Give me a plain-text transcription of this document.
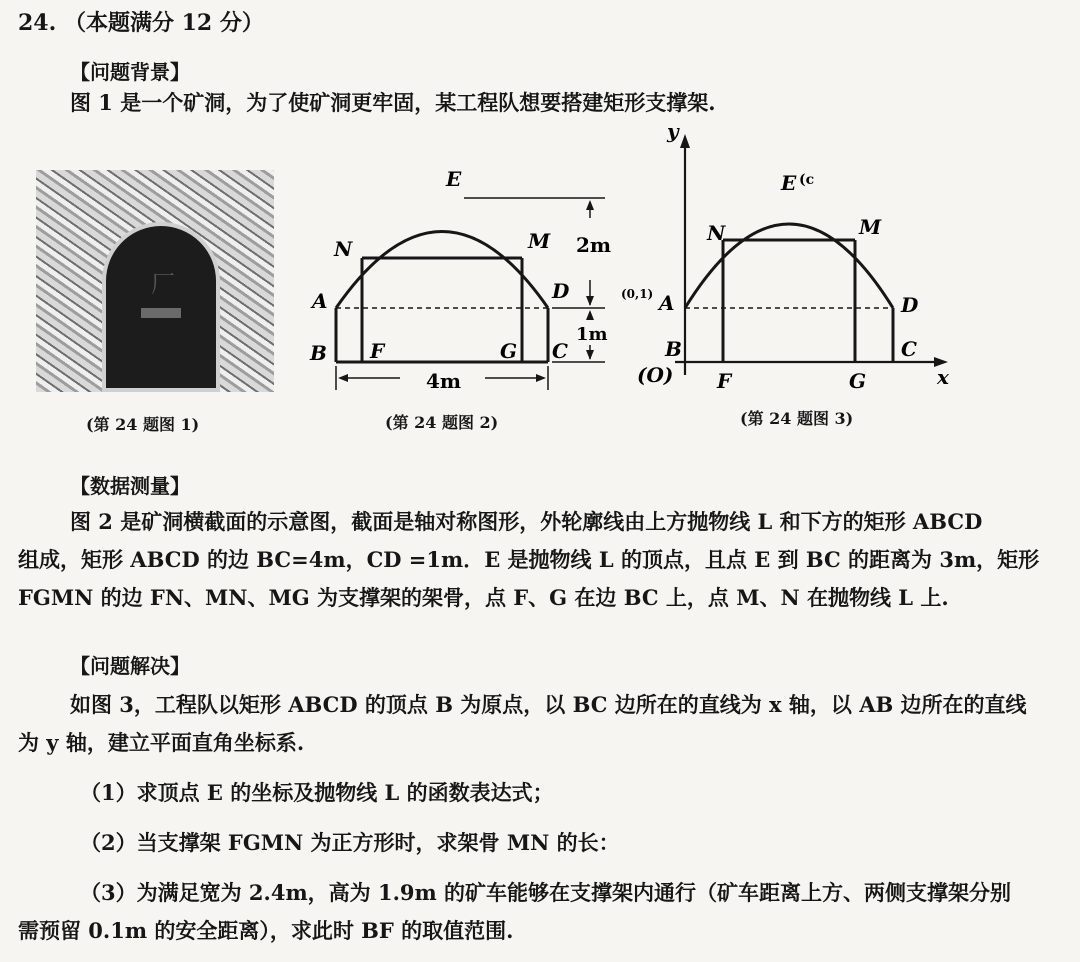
24. （本题满分 12 分）
【问题背景】
图 1 是一个矿洞，为了使矿洞更牢固，某工程队想要搭建矩形支撑架.
厂
(第 24 题图 1)
E
N	M
A	D
B F	G C
2m
1m
4m
(第 24 题图 2)
y
x
E (c
N	M
(0,1) A	D
B
(O) F	G
C
(第 24 题图 3)
【数据测量】
图 2 是矿洞横截面的示意图，截面是轴对称图形，外轮廓线由上方抛物线 L 和下方的矩形 ABCD
组成，矩形 ABCD 的边 BC=4m，CD =1m．E 是抛物线 L 的顶点，且点 E 到 BC 的距离为 3m，矩形
FGMN 的边 FN、MN、MG 为支撑架的架骨，点 F、G 在边 BC 上，点 M、N 在抛物线 L 上.
【问题解决】
如图 3，工程队以矩形 ABCD 的顶点 B 为原点，以 BC 边所在的直线为 x 轴，以 AB 边所在的直线
为 y 轴，建立平面直角坐标系.
（1）求顶点 E 的坐标及抛物线 L 的函数表达式；
（2）当支撑架 FGMN 为正方形时，求架骨 MN 的长：
（3）为满足宽为 2.4m，高为 1.9m 的矿车能够在支撑架内通行（矿车距离上方、两侧支撑架分别
需预留 0.1m 的安全距离），求此时 BF 的取值范围.
